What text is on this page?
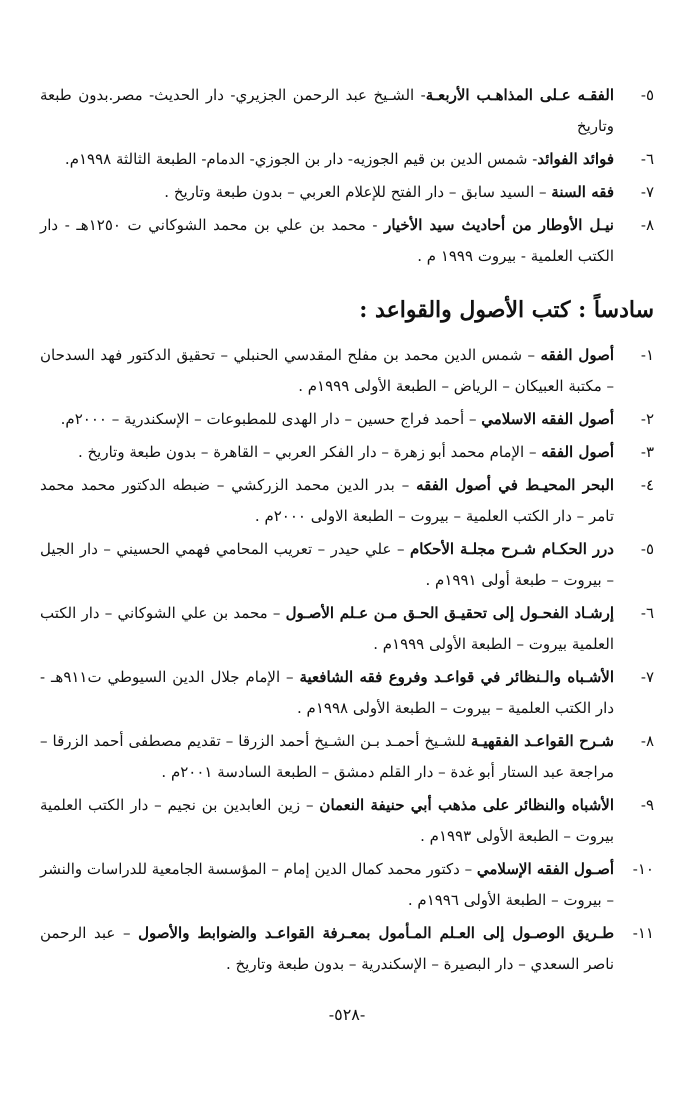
٥-
الفقـه عـلى المذاهـب الأربعـة- الشـيخ عبد الرحمن الجزيري- دار الحديث- مصر.بدون طبعة وتاريخ
٦-
فوائد الفوائد- شمس الدين بن قيم الجوزيه- دار بن الجوزي- الدمام- الطبعة الثالثة ١٩٩٨م.
٧-
فقه السنة – السيد سابق – دار الفتح للإعلام العربي – بدون طبعة وتاريخ .
٨-
نيـل الأوطار من أحاديث سيد الأخيار - محمد بن علي بن محمد الشوكاني ت ١٢٥٠هـ - دار الكتب العلمية - بيروت ١٩٩٩ م .
سادساً : كتب الأصول والقواعد :
١-
أصول الفقه – شمس الدين محمد بن مفلح المقدسي الحنبلي – تحقيق الدكتور فهد السدحان – مكتبة العبيكان – الرياض – الطبعة الأولى ١٩٩٩م .
٢-
أصول الفقه الاسلامي – أحمد فراج حسين – دار الهدى للمطبوعات – الإسكندرية – ٢٠٠٠م.
٣-
أصول الفقه – الإمام محمد أبو زهرة – دار الفكر العربي – القاهرة – بدون طبعة وتاريخ .
٤-
البحر المحيـط في أصول الفقه – بدر الدين محمد الزركشي – ضبطه الدكتور محمد محمد تامر – دار الكتب العلمية – بيروت – الطبعة الاولى ٢٠٠٠م .
٥-
درر الحكـام شـرح مجلـة الأحكام – علي حيدر – تعريب المحامي فهمي الحسيني – دار الجيل – بيروت – طبعة أولى ١٩٩١م .
٦-
إرشـاد الفحـول إلى تحقيـق الحـق مـن عـلم الأصـول – محمد بن علي الشوكاني – دار الكتب العلمية بيروت – الطبعة الأولى ١٩٩٩م .
٧-
الأشـباه والـنظائر في قواعـد وفروع فقه الشافعية – الإمام جلال الدين السيوطي ت٩١١هـ - دار الكتب العلمية – بيروت – الطبعة الأولى ١٩٩٨م .
٨-
شـرح القواعـد الفقهيـة للشـيخ أحمـد بـن الشـيخ أحمد الزرقا – تقديم مصطفى أحمد الزرقا – مراجعة عبد الستار أبو غدة – دار القلم دمشق – الطبعة السادسة ٢٠٠١م .
٩-
الأشباه والنظائر على مذهب أبي حنيفة النعمان – زين العابدين بن نجيم – دار الكتب العلمية بيروت – الطبعة الأولى ١٩٩٣م .
١٠-
أصـول الفقه الإسلامي – دكتور محمد كمال الدين إمام – المؤسسة الجامعية للدراسات والنشر – بيروت – الطبعة الأولى ١٩٩٦م .
١١-
طـريق الوصـول إلى العـلم المـأمول بمعـرفة القواعـد والضوابط والأصول – عبد الرحمن ناصر السعدي – دار البصيرة – الإسكندرية – بدون طبعة وتاريخ .
-٥٢٨-
